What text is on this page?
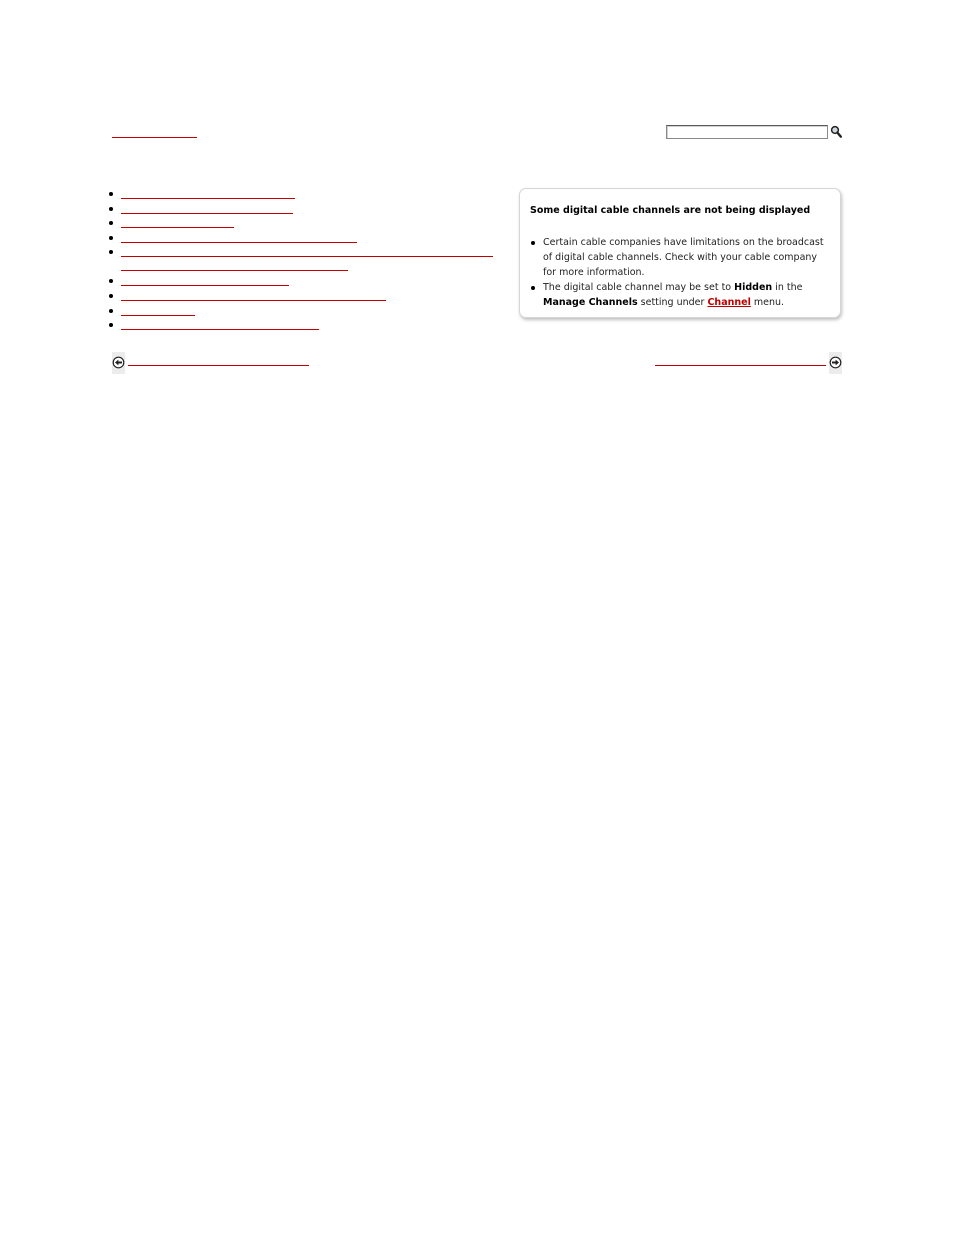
Some digital cable channels are not being displayed
Certain cable companies have limitations on the broadcast of digital cable channels. Check with your cable company for more information.
The digital cable channel may be set to Hidden in the Manage Channels setting under Channel menu.
